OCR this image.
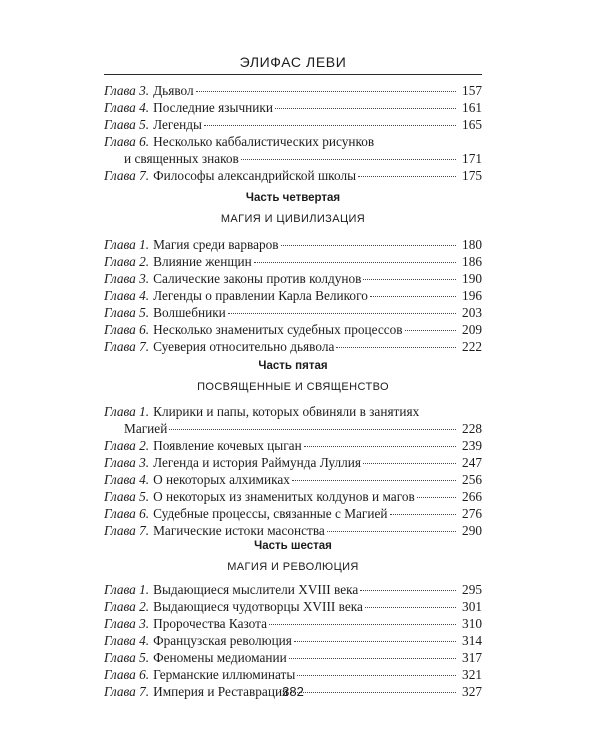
ЭЛИФАС ЛЕВИ
Глава 3. Дьявол	157
Глава 4. Последние язычники	161
Глава 5. Легенды	165
Глава 6. Несколько каббалистических рисунков
и священных знаков	171
Глава 7. Философы александрийской школы	175
Часть четвертая
МАГИЯ И ЦИВИЛИЗАЦИЯ
Глава 1. Магия среди варваров	180
Глава 2. Влияние женщин	186
Глава 3. Салические законы против колдунов	190
Глава 4. Легенды о правлении Карла Великого	196
Глава 5. Волшебники	203
Глава 6. Несколько знаменитых судебных процессов	209
Глава 7. Суеверия относительно дьявола	222
Часть пятая
ПОСВЯЩЕННЫЕ И СВЯЩЕНСТВО
Глава 1. Клирики и папы, которых обвиняли в занятиях
Магией	228
Глава 2. Появление кочевых цыган	239
Глава 3. Легенда и история Раймунда Луллия	247
Глава 4. О некоторых алхимиках	256
Глава 5. О некоторых из знаменитых колдунов и магов	266
Глава 6. Судебные процессы, связанные с Магией	276
Глава 7. Магические истоки масонства	290
Часть шестая
МАГИЯ И РЕВОЛЮЦИЯ
Глава 1. Выдающиеся мыслители XVIII века	295
Глава 2. Выдающиеся чудотворцы XVIII века	301
Глава 3. Пророчества Казота	310
Глава 4. Французская революция	314
Глава 5. Феномены медиомании	317
Глава 6. Германские иллюминаты	321
Глава 7. Империя и Реставрация	327
382
